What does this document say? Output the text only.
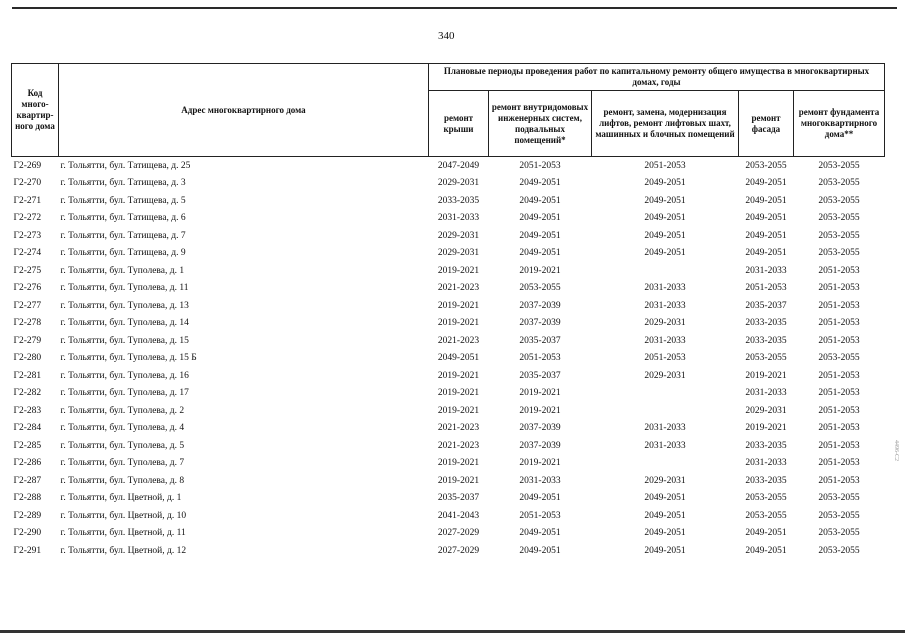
340
4496-С2
Код много-квартир-ного дома	Адрес многоквартирного дома	Плановые периоды проведения работ по капитальному ремонту общего имущества в многоквартирных домах, годы				
		ремонт крыши	ремонт внутридомовых инженерных систем, подвальных помещений*	ремонт, замена, модернизация лифтов, ремонт лифтовых шахт, машинных и блочных помещений	ремонт фасада	ремонт фундамента многоквартирного дома**
Г2-269	г. Тольятти, бул. Татищева, д. 25	2047-2049	2051-2053	2051-2053	2053-2055	2053-2055
Г2-270	г. Тольятти, бул. Татищева, д. 3	2029-2031	2049-2051	2049-2051	2049-2051	2053-2055
Г2-271	г. Тольятти, бул. Татищева, д. 5	2033-2035	2049-2051	2049-2051	2049-2051	2053-2055
Г2-272	г. Тольятти, бул. Татищева, д. 6	2031-2033	2049-2051	2049-2051	2049-2051	2053-2055
Г2-273	г. Тольятти, бул. Татищева, д. 7	2029-2031	2049-2051	2049-2051	2049-2051	2053-2055
Г2-274	г. Тольятти, бул. Татищева, д. 9	2029-2031	2049-2051	2049-2051	2049-2051	2053-2055
Г2-275	г. Тольятти, бул. Туполева, д. 1	2019-2021	2019-2021		2031-2033	2051-2053
Г2-276	г. Тольятти, бул. Туполева, д. 11	2021-2023	2053-2055	2031-2033	2051-2053	2051-2053
Г2-277	г. Тольятти, бул. Туполева, д. 13	2019-2021	2037-2039	2031-2033	2035-2037	2051-2053
Г2-278	г. Тольятти, бул. Туполева, д. 14	2019-2021	2037-2039	2029-2031	2033-2035	2051-2053
Г2-279	г. Тольятти, бул. Туполева, д. 15	2021-2023	2035-2037	2031-2033	2033-2035	2051-2053
Г2-280	г. Тольятти, бул. Туполева, д. 15 Б	2049-2051	2051-2053	2051-2053	2053-2055	2053-2055
Г2-281	г. Тольятти, бул. Туполева, д. 16	2019-2021	2035-2037	2029-2031	2019-2021	2051-2053
Г2-282	г. Тольятти, бул. Туполева, д. 17	2019-2021	2019-2021		2031-2033	2051-2053
Г2-283	г. Тольятти, бул. Туполева, д. 2	2019-2021	2019-2021		2029-2031	2051-2053
Г2-284	г. Тольятти, бул. Туполева, д. 4	2021-2023	2037-2039	2031-2033	2019-2021	2051-2053
Г2-285	г. Тольятти, бул. Туполева, д. 5	2021-2023	2037-2039	2031-2033	2033-2035	2051-2053
Г2-286	г. Тольятти, бул. Туполева, д. 7	2019-2021	2019-2021		2031-2033	2051-2053
Г2-287	г. Тольятти, бул. Туполева, д. 8	2019-2021	2031-2033	2029-2031	2033-2035	2051-2053
Г2-288	г. Тольятти, бул. Цветной, д. 1	2035-2037	2049-2051	2049-2051	2053-2055	2053-2055
Г2-289	г. Тольятти, бул. Цветной, д. 10	2041-2043	2051-2053	2049-2051	2053-2055	2053-2055
Г2-290	г. Тольятти, бул. Цветной, д. 11	2027-2029	2049-2051	2049-2051	2049-2051	2053-2055
Г2-291	г. Тольятти, бул. Цветной, д. 12	2027-2029	2049-2051	2049-2051	2049-2051	2053-2055
